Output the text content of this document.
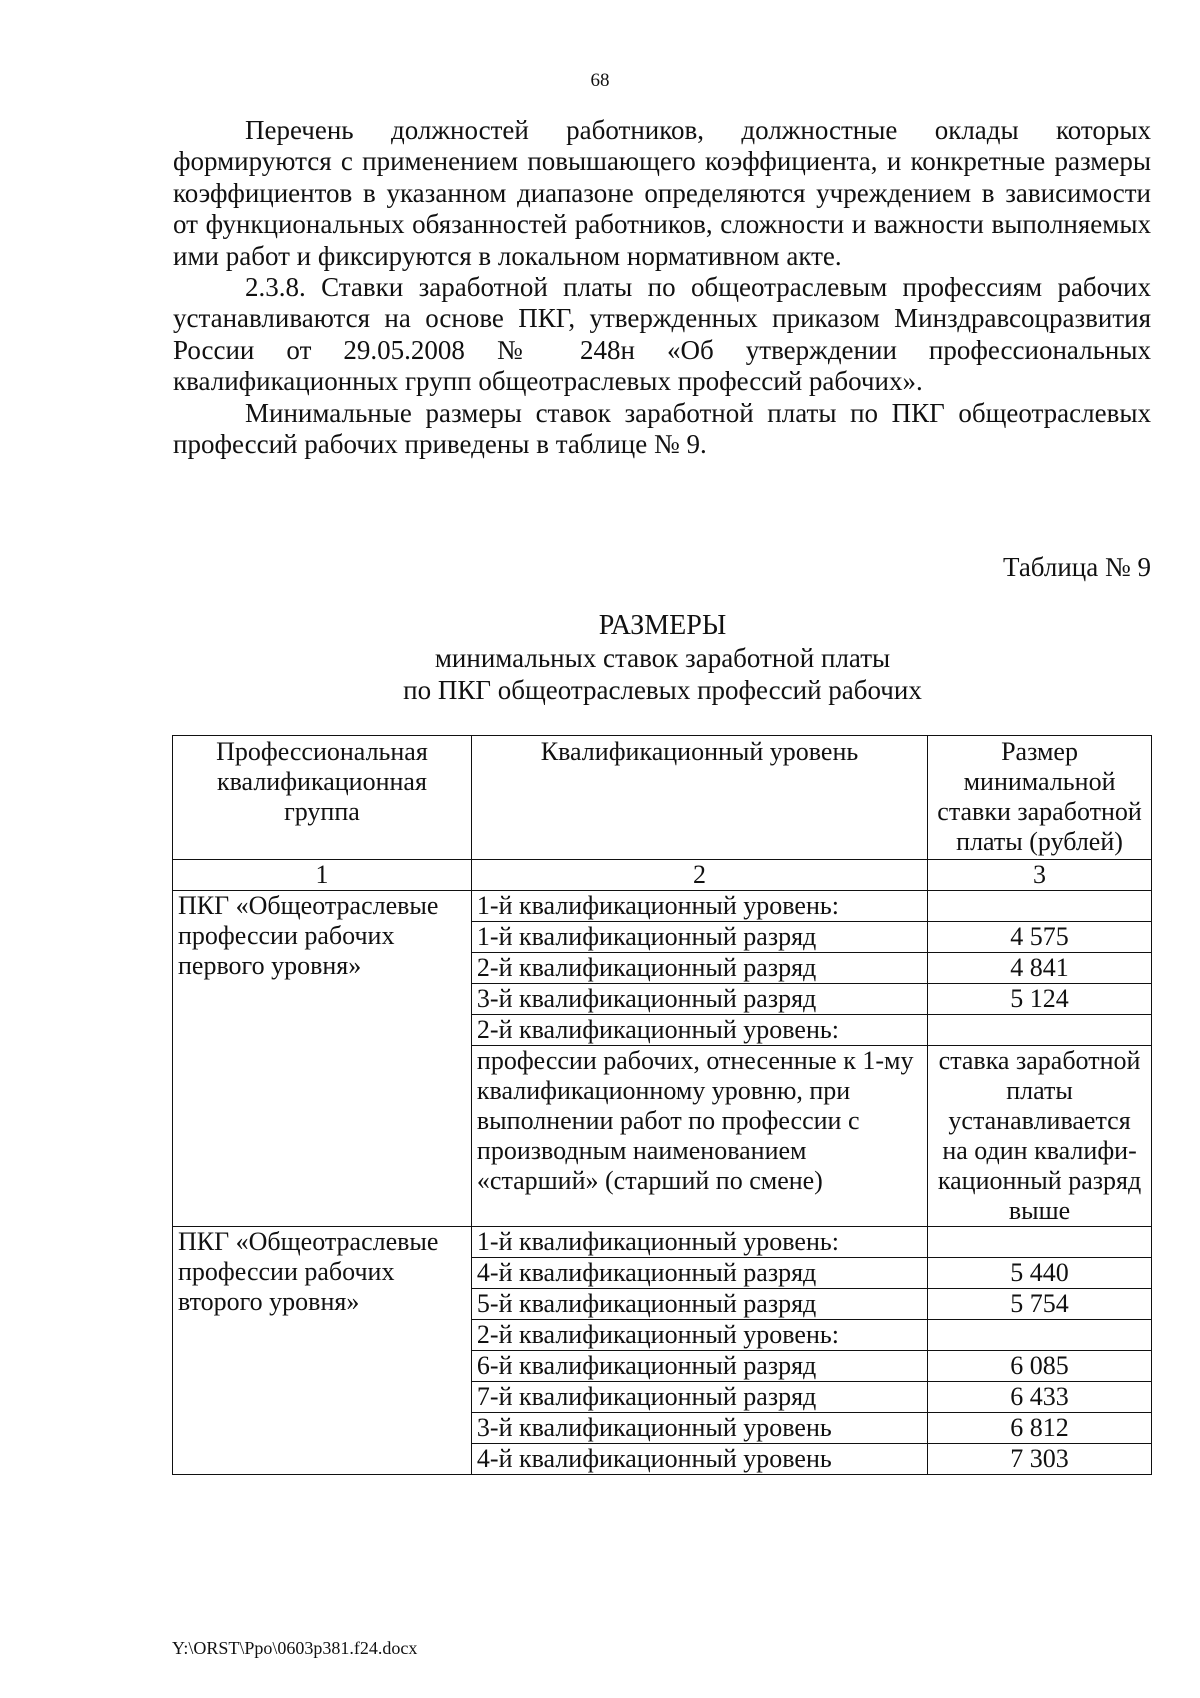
68

Перечень должностей работников, должностные оклады которых формируются с применением повышающего коэффициента, и конкретные размеры коэффициентов в указанном диапазоне определяются учреждением в зависимости от функциональных обязанностей работников, сложности и важности выполняемых ими работ и фиксируются в локальном нормативном акте.

2.3.8. Ставки заработной платы по общеотраслевым профессиям рабочих устанавливаются на основе ПКГ, утвержденных приказом Минздравсоцразвития России от 29.05.2008 № 248н «Об утверждении профессиональных квалификационных групп общеотраслевых профессий рабочих».

Минимальные размеры ставок заработной платы по ПКГ общеотраслевых профессий рабочих приведены в таблице № 9.

Таблица № 9
РАЗМЕРЫ
минимальных ставок заработной платы
по ПКГ общеотраслевых профессий рабочих
Профессиональная квалификационная группа	Квалификационный уровень	Размер минимальной ставки заработной платы (рублей)
1	2	3
ПКГ «Общеотраслевые профессии рабочих первого уровня»	1-й квалификационный уровень:	
	1-й квалификационный разряд	4 575
	2-й квалификационный разряд	4 841
	3-й квалификационный разряд	5 124
	2-й квалификационный уровень:	
	профессии рабочих, отнесенные к 1-му квалификационному уровню, при выполнении работ по профессии с производным наименованием «старший» (старший по смене)	ставка заработной платы устанавливается на один квалифи-кационный разряд выше
ПКГ «Общеотраслевые профессии рабочих второго уровня»	1-й квалификационный уровень:	
	4-й квалификационный разряд	5 440
	5-й квалификационный разряд	5 754
	2-й квалификационный уровень:	
	6-й квалификационный разряд	6 085
	7-й квалификационный разряд	6 433
	3-й квалификационный уровень	6 812
	4-й квалификационный уровень	7 303
Y:\ORST\Ppo\0603p381.f24.docx
